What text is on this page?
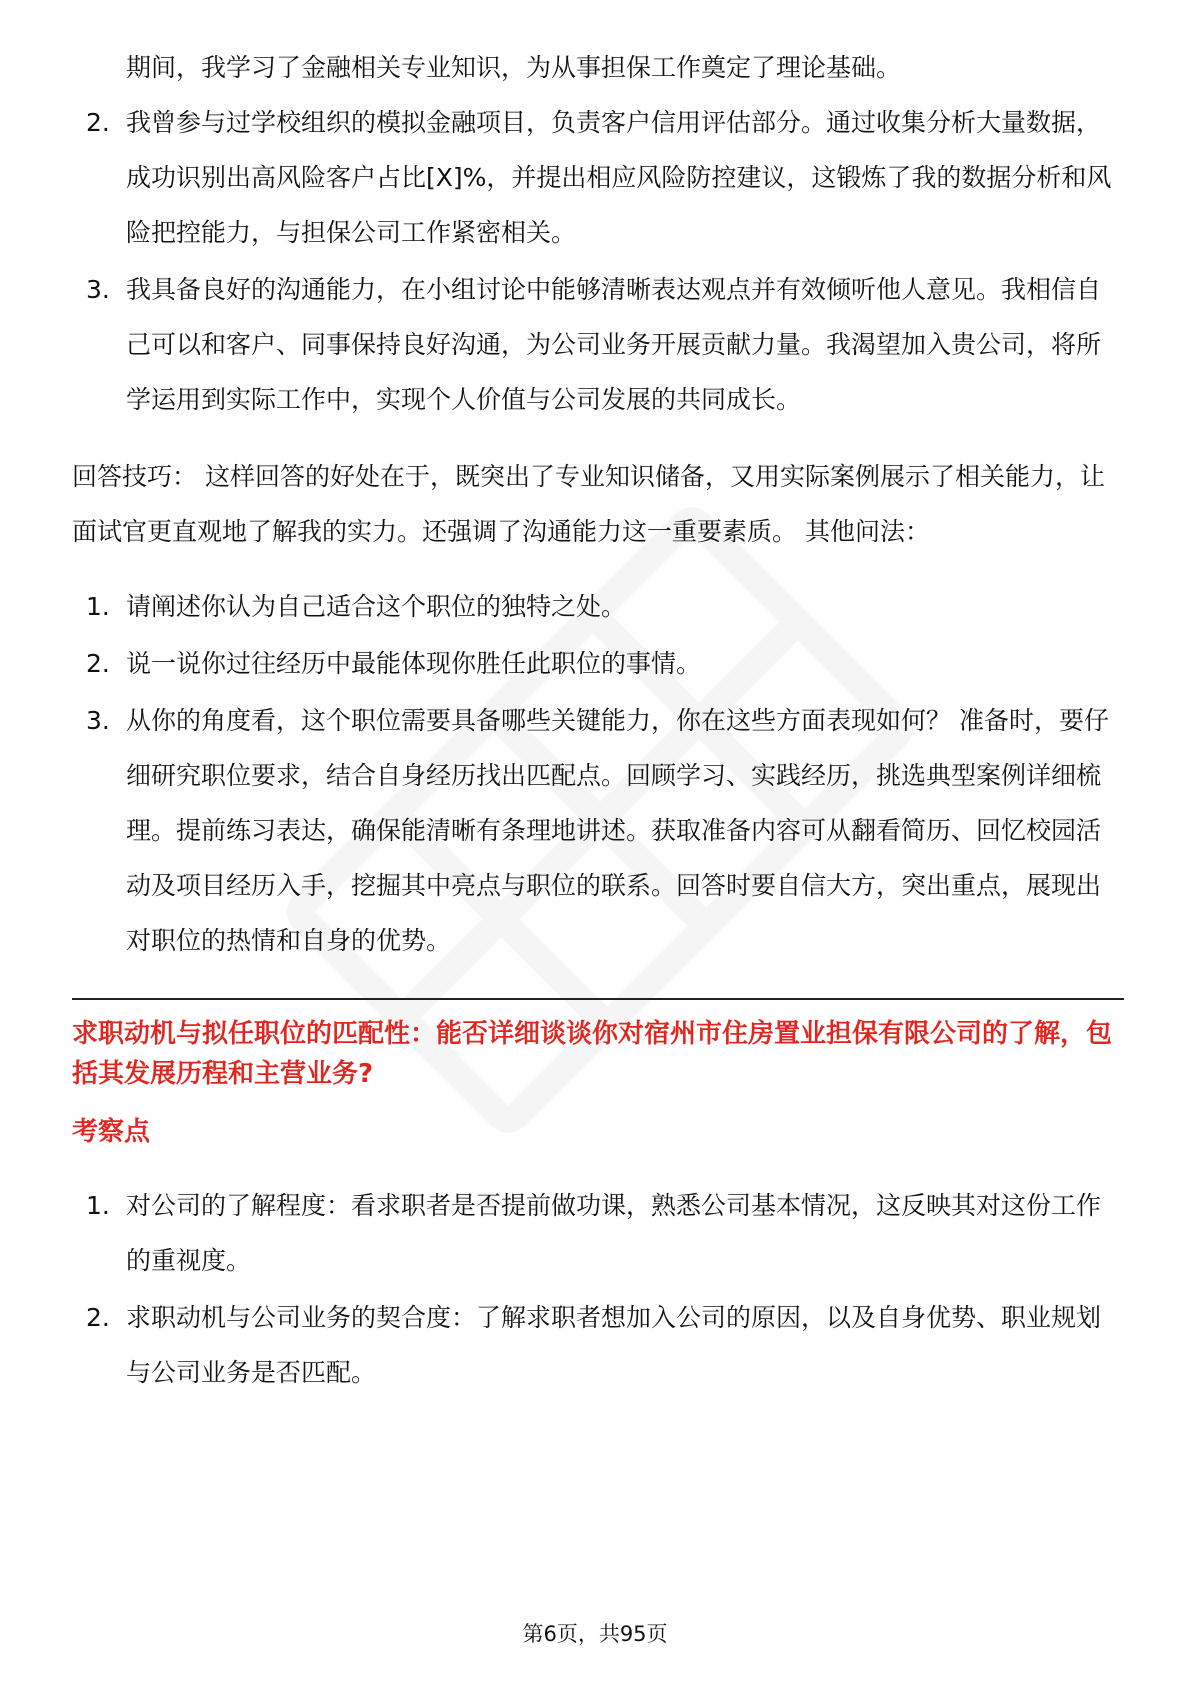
期间，我学习了金融相关专业知识，为从事担保工作奠定了理论基础。
2. 我曾参与过学校组织的模拟金融项目，负责客户信用评估部分。通过收集分析大量数据，成功识别出高风险客户占比[X]%，并提出相应风险防控建议，这锻炼了我的数据分析和风险把控能力，与担保公司工作紧密相关。
3. 我具备良好的沟通能力，在小组讨论中能够清晰表达观点并有效倾听他人意见。我相信自己可以和客户、同事保持良好沟通，为公司业务开展贡献力量。我渴望加入贵公司，将所学运用到实际工作中，实现个人价值与公司发展的共同成长。
回答技巧： 这样回答的好处在于，既突出了专业知识储备，又用实际案例展示了相关能力，让面试官更直观地了解我的实力。还强调了沟通能力这一重要素质。 其他问法：
1. 请阐述你认为自己适合这个职位的独特之处。
2. 说一说你过往经历中最能体现你胜任此职位的事情。
3. 从你的角度看，这个职位需要具备哪些关键能力，你在这些方面表现如何？ 准备时，要仔细研究职位要求，结合自身经历找出匹配点。回顾学习、实践经历，挑选典型案例详细梳理。提前练习表达，确保能清晰有条理地讲述。获取准备内容可从翻看简历、回忆校园活动及项目经历入手，挖掘其中亮点与职位的联系。回答时要自信大方，突出重点，展现出对职位的热情和自身的优势。
求职动机与拟任职位的匹配性：能否详细谈谈你对宿州市住房置业担保有限公司的了解，包括其发展历程和主营业务?
考察点
1. 对公司的了解程度：看求职者是否提前做功课，熟悉公司基本情况，这反映其对这份工作的重视度。
2. 求职动机与公司业务的契合度：了解求职者想加入公司的原因，以及自身优势、职业规划与公司业务是否匹配。
第6页，共95页
